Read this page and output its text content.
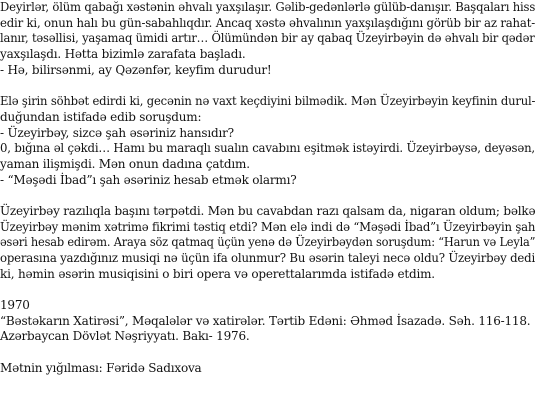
Deyirlər, ölüm qabağı xəstənin əhvalı yaxşılaşır. Gəlib-gedənlərlə gülüb-danışır. Başqaları hiss
edir ki, onun halı bu gün-sabahlıqdır. Ancaq xəstə əhvalının yaxşılaşdığını görüb bir az rahat-
lanır, təsəllisi, yaşamaq ümidi artır… Ölümündən bir ay qabaq Üzeyirbəyin də əhvalı bir qədər
yaxşılaşdı. Hətta bizimlə zarafata başladı.
- Hə, bilirsənmi, ay Qəzənfər, keyfim durudur!
Elə şirin söhbət edirdi ki, gecənin nə vaxt keçdiyini bilmədik. Mən Üzeyirbəyin keyfinin durul-
duğundan istifadə edib soruşdum:
- Üzeyirbəy, sizcə şah əsəriniz hansıdır?
0, bığına əl çəkdi… Hamı bu maraqlı sualın cavabını eşitmək istəyirdi. Üzeyirbəysə, deyəsən,
yaman ilişmişdi. Mən onun dadına çatdım.
- “Məşədi İbad”ı şah əsəriniz hesab etmək olarmı?
Üzeyirbəy razılıqla başını tərpətdi. Mən bu cavabdan razı qalsam da, nigaran oldum; bəlkə
Üzeyirbəy mənim xətrimə fikrimi təstiq etdi? Mən elə indi də “Məşədi İbad”ı Üzeyirbəyin şah
əsəri hesab edirəm. Araya söz qatmaq üçün yenə də Üzeyirbəydən soruşdum: “Harun və Leyla”
operasına yazdığınız musiqi nə üçün ifa olunmur? Bu əsərin taleyi necə oldu? Üzeyirbəy dedi
ki, həmin əsərin musiqisini o biri opera və operettalarımda istifadə etdim.
1970
“Bəstəkarın Xatirəsi”, Məqalələr və xatirələr. Tərtib Edəni: Əhməd İsazadə. Səh. 116-118.
Azərbaycan Dövlət Nəşriyyatı. Bakı- 1976.
Mətnin yığılması: Fəridə Sadıxova
